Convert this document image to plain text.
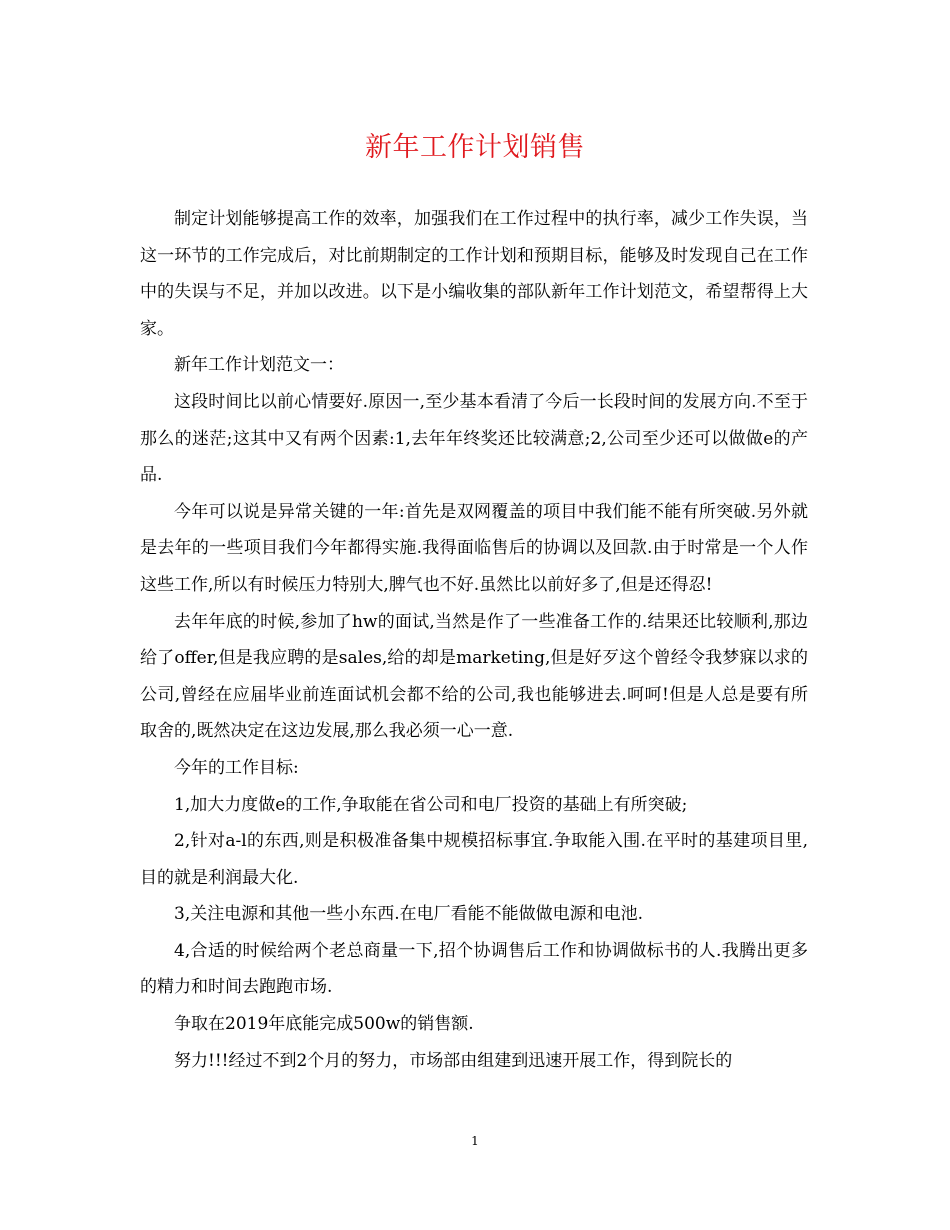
新年工作计划销售

制定计划能够提高工作的效率，加强我们在工作过程中的执行率，减少工作失误，当这一环节的工作完成后，对比前期制定的工作计划和预期目标，能够及时发现自己在工作中的失误与不足，并加以改进。以下是小编收集的部队新年工作计划范文，希望帮得上大家。

新年工作计划范文一：

这段时间比以前心情要好.原因一,至少基本看清了今后一长段时间的发展方向.不至于那么的迷茫;这其中又有两个因素:1,去年年终奖还比较满意;2,公司至少还可以做做e的产品.

今年可以说是异常关键的一年:首先是双网覆盖的项目中我们能不能有所突破.另外就是去年的一些项目我们今年都得实施.我得面临售后的协调以及回款.由于时常是一个人作这些工作,所以有时候压力特别大,脾气也不好.虽然比以前好多了,但是还得忍!

去年年底的时候,参加了hw的面试,当然是作了一些准备工作的.结果还比较顺利,那边给了offer,但是我应聘的是sales,给的却是marketing,但是好歹这个曾经令我梦寐以求的公司,曾经在应届毕业前连面试机会都不给的公司,我也能够进去.呵呵!但是人总是要有所取舍的,既然决定在这边发展,那么我必须一心一意.

今年的工作目标:

1,加大力度做e的工作,争取能在省公司和电厂投资的基础上有所突破;

2,针对a-l的东西,则是积极准备集中规模招标事宜.争取能入围.在平时的基建项目里,目的就是利润最大化.

3,关注电源和其他一些小东西.在电厂看能不能做做电源和电池.

4,合适的时候给两个老总商量一下,招个协调售后工作和协调做标书的人.我腾出更多的精力和时间去跑跑市场.

争取在2019年底能完成500w的销售额.

努力!!!经过不到2个月的努力，市场部由组建到迅速开展工作，得到院长的

1
